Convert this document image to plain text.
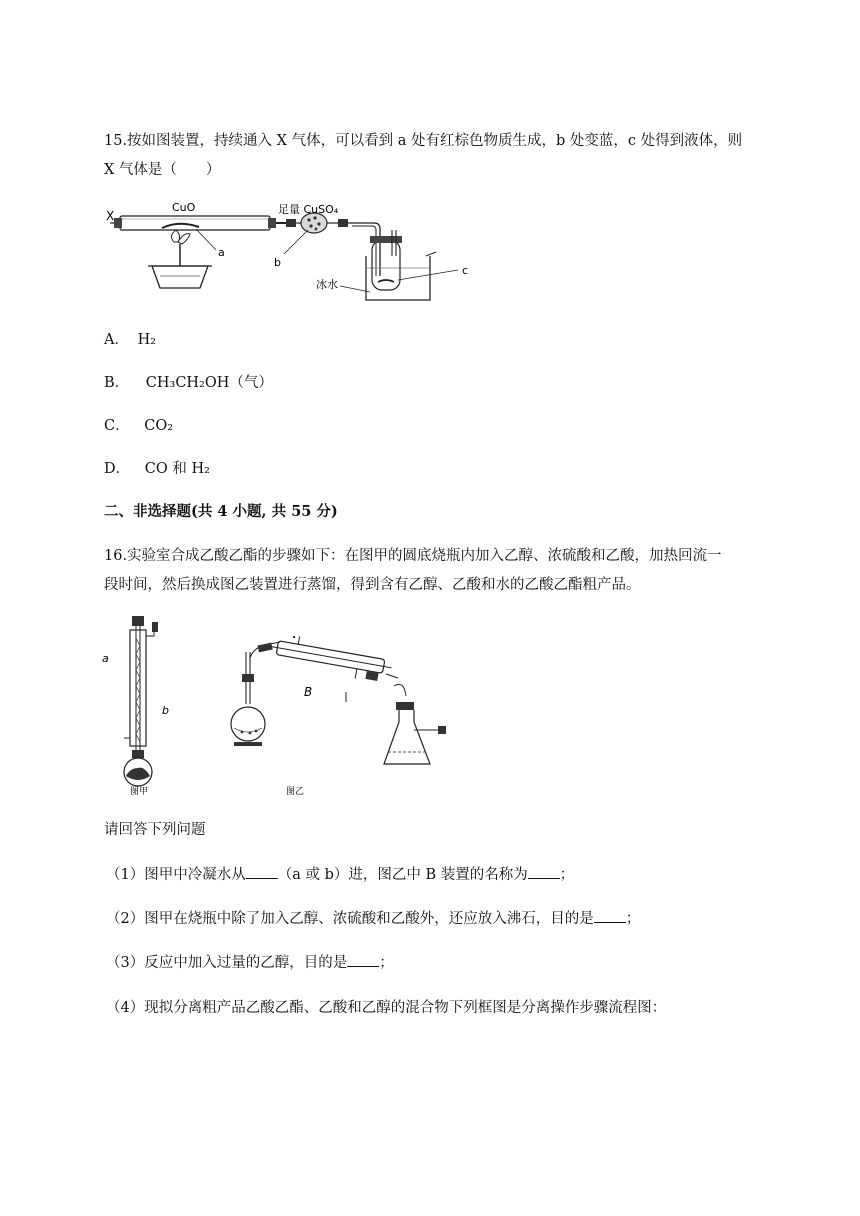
15.按如图装置，持续通入 X 气体，可以看到 a 处有红棕色物质生成，b 处变蓝，c 处得到液体，则
X 气体是（　　）
X
CuO
a
足量 CuSO₄
b
c
冰水
A． H₂
B． CH₃CH₂OH（气）
C． CO₂
D． CO 和 H₂
二、非选择题(共 4 小题, 共 55 分)
16.实验室合成乙酸乙酯的步骤如下：在图甲的圆底烧瓶内加入乙醇、浓硫酸和乙酸，加热回流一
段时间，然后换成图乙装置进行蒸馏，得到含有乙醇、乙酸和水的乙酸乙酯粗产品。
a
b
图甲
B
图乙
请回答下列问题
（1）图甲中冷凝水从 （a 或 b）进，图乙中 B 装置的名称为 ；
（2）图甲在烧瓶中除了加入乙醇、浓硫酸和乙酸外，还应放入沸石，目的是 ；
（3）反应中加入过量的乙醇，目的是 ；
（4）现拟分离粗产品乙酸乙酯、乙酸和乙醇的混合物下列框图是分离操作步骤流程图：
